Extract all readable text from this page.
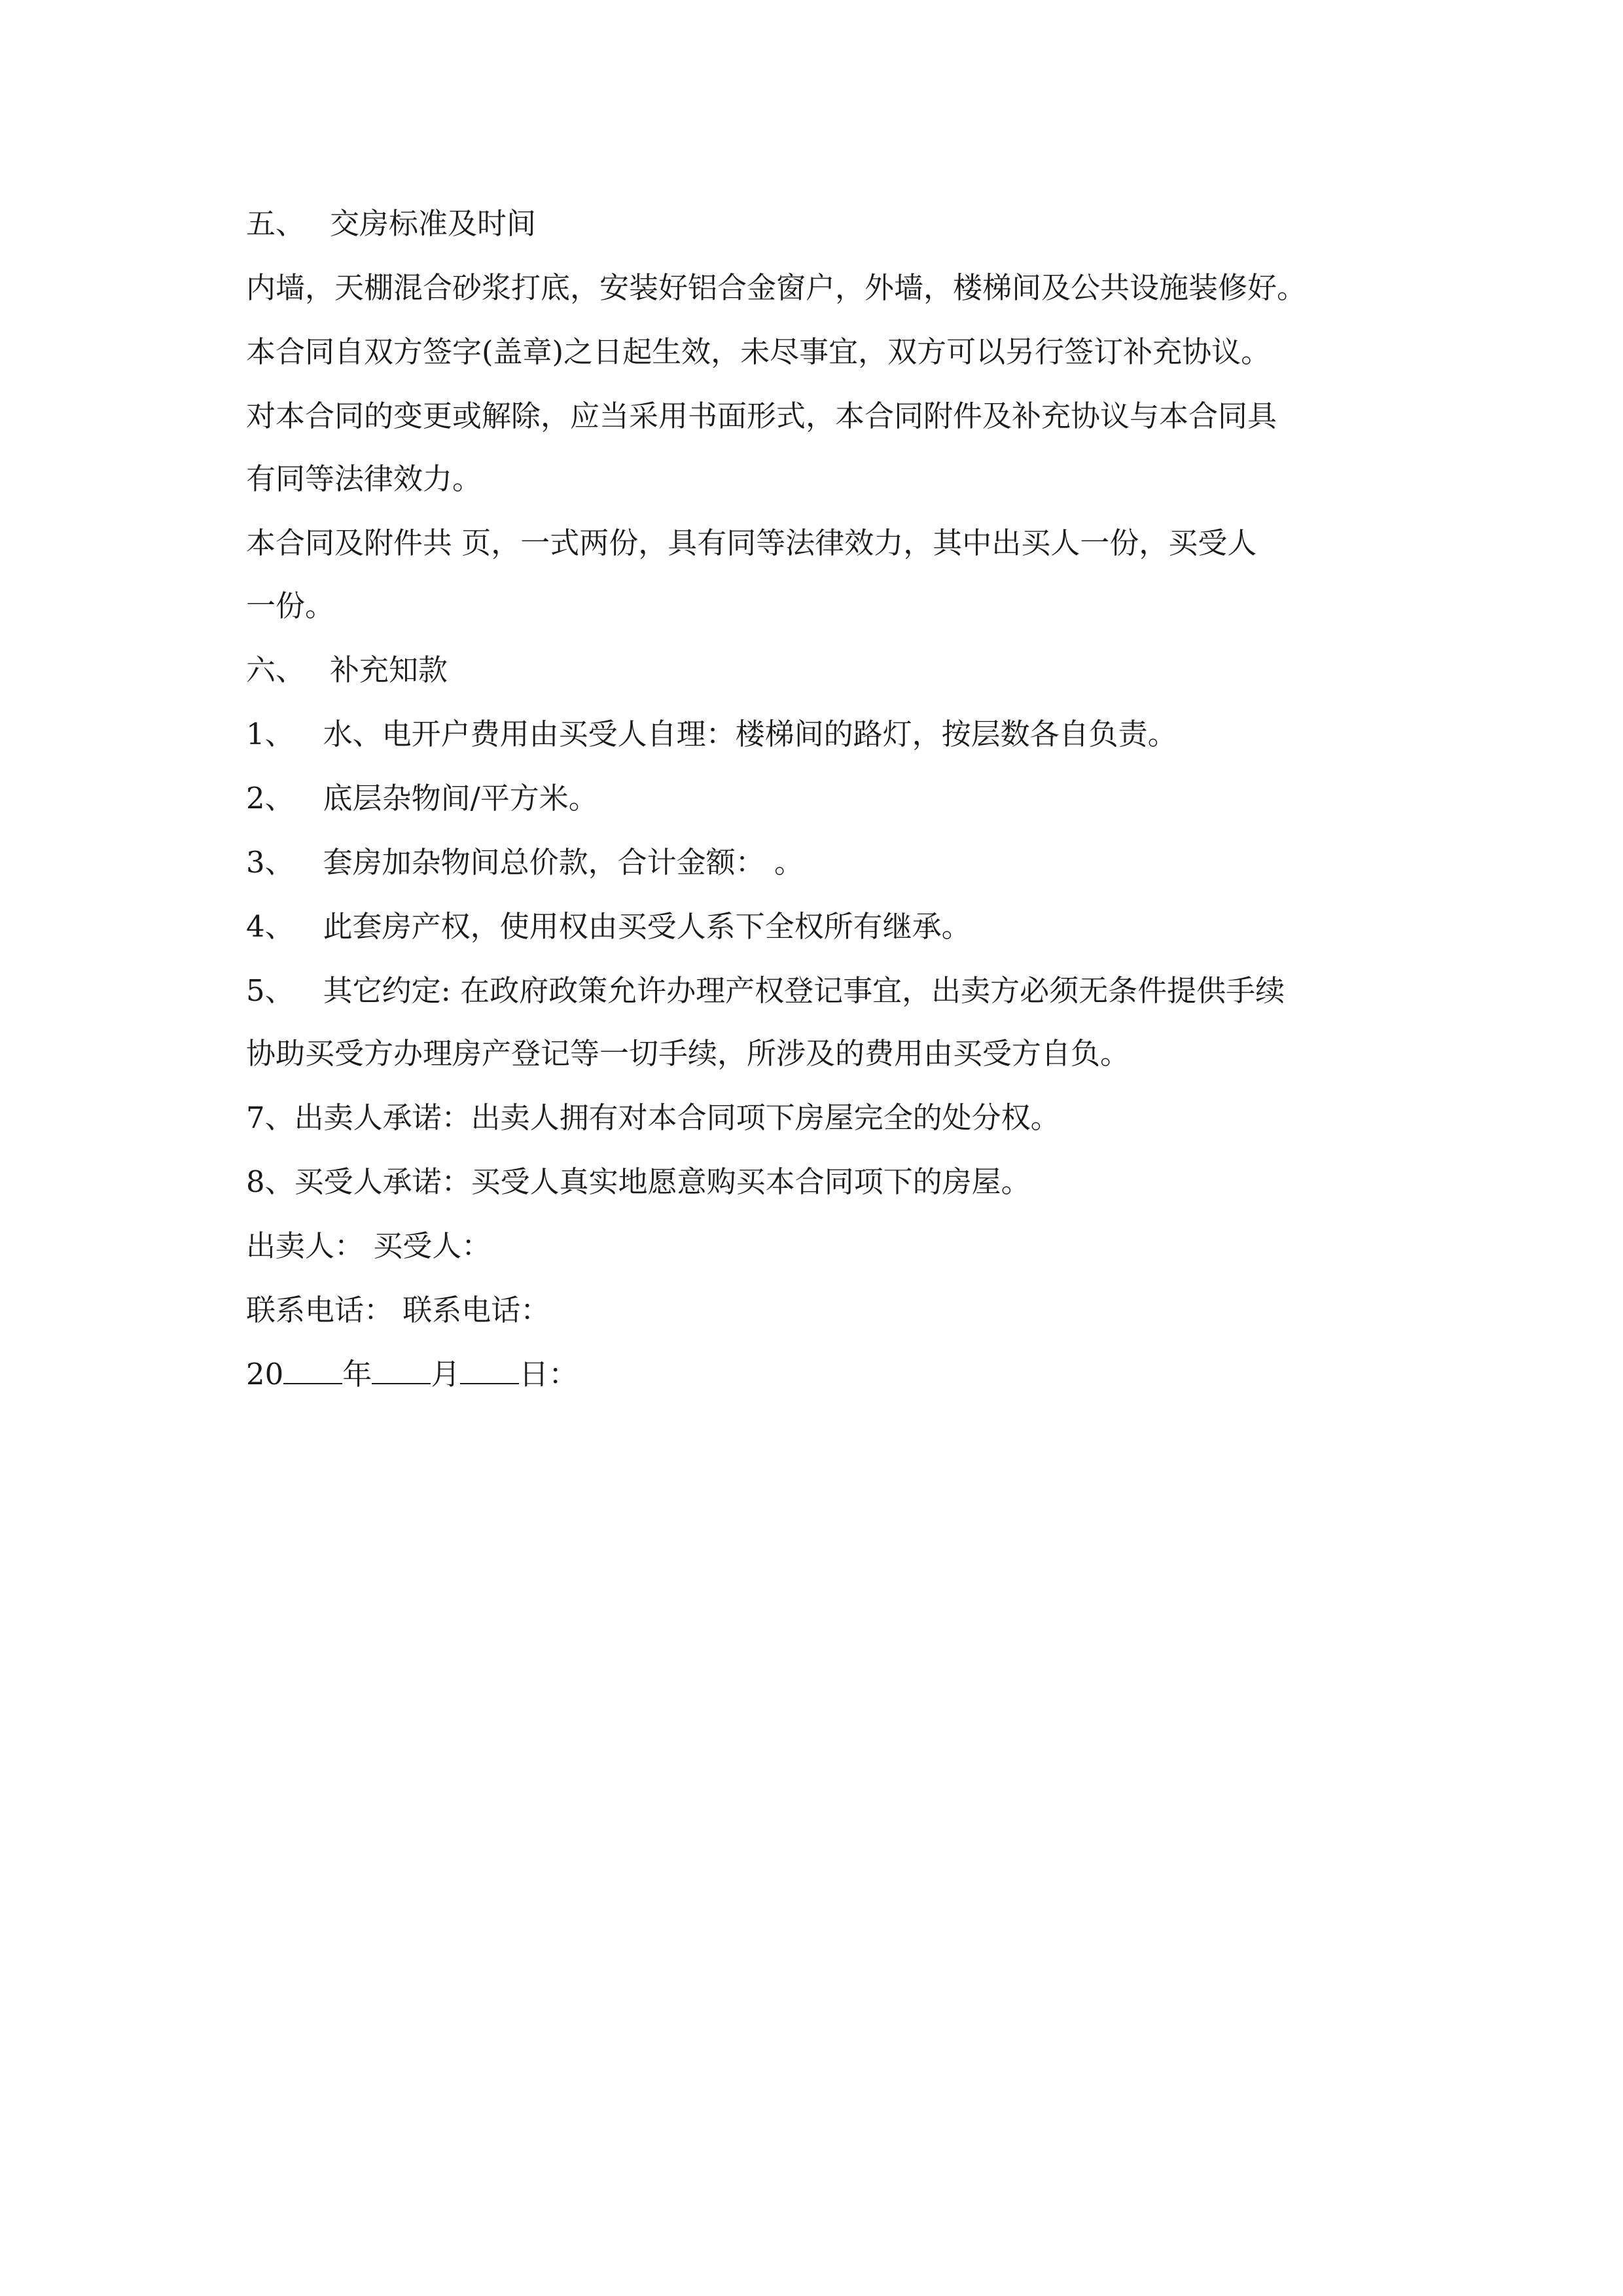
五、 交房标准及时间
内墙，天棚混合砂浆打底，安装好铝合金窗户，外墙，楼梯间及公共设施装修好。
本合同自双方签字(盖章)之日起生效，未尽事宜，双方可以另行签订补充协议。
对本合同的变更或解除，应当采用书面形式，本合同附件及补充协议与本合同具
有同等法律效力。
本合同及附件共 页，一式两份，具有同等法律效力，其中出买人一份，买受人
一份。
六、 补充知款
1、 水、电开户费用由买受人自理：楼梯间的路灯，按层数各自负责。
2、 底层杂物间/平方米。
3、 套房加杂物间总价款，合计金额： 。
4、 此套房产权，使用权由买受人系下全权所有继承。
5、 其它约定: 在政府政策允许办理产权登记事宜，出卖方必须无条件提供手续
协助买受方办理房产登记等一切手续，所涉及的费用由买受方自负。
7、出卖人承诺：出卖人拥有对本合同项下房屋完全的处分权。
8、买受人承诺：买受人真实地愿意购买本合同项下的房屋。
出卖人： 买受人：
联系电话： 联系电话：
20 年 月 日：
